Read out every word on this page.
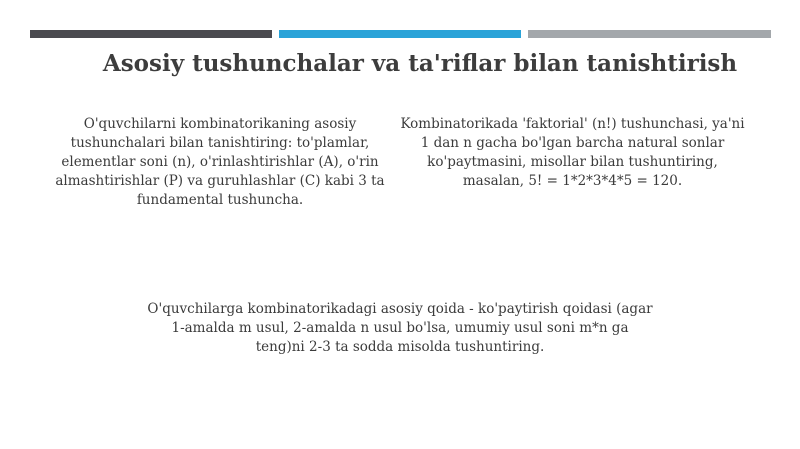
Asosiy tushunchalar va ta'riflar bilan tanishtirish
O'quvchilarni kombinatorikaning asosiy tushunchalari bilan tanishtiring: to'plamlar, elementlar soni (n), o'rinlashtirishlar (A), o'rin almashtirishlar (P) va guruhlashlar (C) kabi 3 ta fundamental tushuncha.
Kombinatorikada 'faktorial' (n!) tushunchasi, ya'ni 1 dan n gacha bo'lgan barcha natural sonlar ko'paytmasini, misollar bilan tushuntiring, masalan, 5! = 1*2*3*4*5 = 120.
O'quvchilarga kombinatorikadagi asosiy qoida - ko'paytirish qoidasi (agar 1-amalda m usul, 2-amalda n usul bo'lsa, umumiy usul soni m*n ga teng)ni 2-3 ta sodda misolda tushuntiring.
